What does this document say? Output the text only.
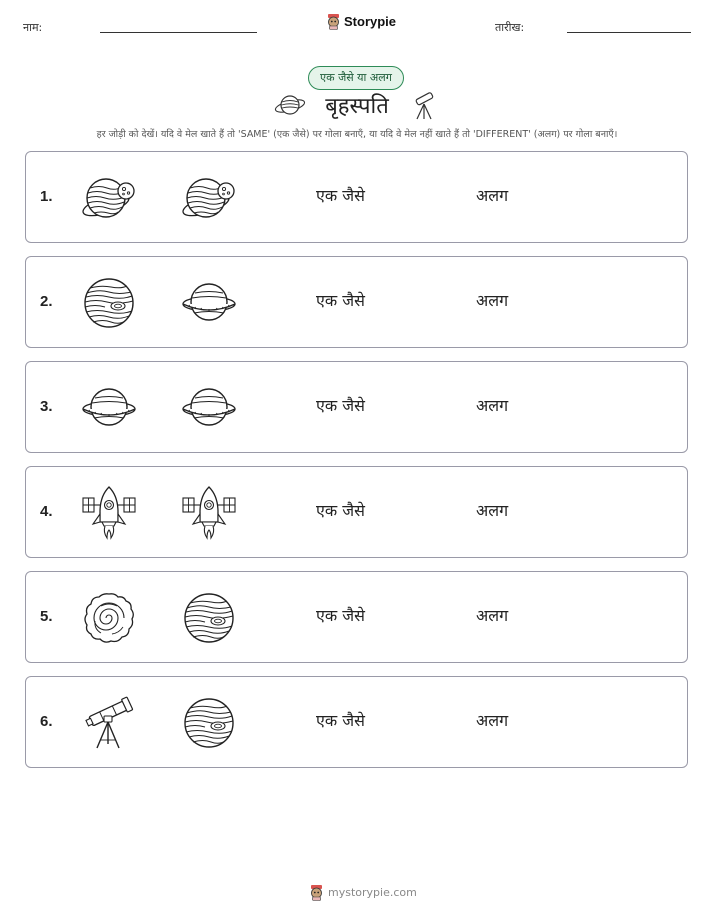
नाम:	Storypie	तारीख:
एक जैसे या अलग
बृहस्पति
हर जोड़ी को देखें। यदि वे मेल खाते हैं तो 'SAME' (एक जैसे) पर गोला बनाएँ, या यदि वे मेल नहीं खाते हैं तो 'DIFFERENT' (अलग) पर गोला बनाएँ।
1.	एक जैसे	अलग
2.	एक जैसे	अलग
3.	एक जैसे	अलग
4.	एक जैसे	अलग
5.	एक जैसे	अलग
6.	एक जैसे	अलग
mystorypie.com
